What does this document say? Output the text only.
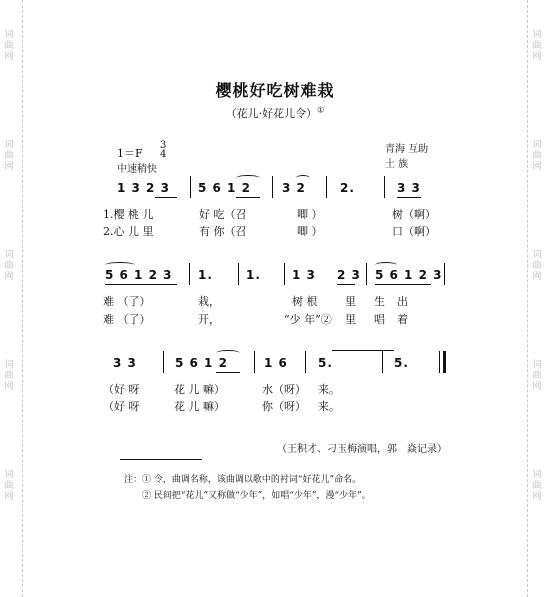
词
曲
网
词
曲
网
词
曲
网
词
曲
网
词
曲
网
词
曲
网
词
曲
网
词
曲
网
词
曲
网
词
曲
网
樱桃好吃树难栽
（花儿·好花儿令）①
1＝F
3
4
中速稍快
青海 互助
土 族
1 3 2 3 5 6 1 2	3 2	2.	3 3
1.樱 桃 儿	好 吃（召	唧 ）	树（啊）
2.心 儿 里	有 你（召	唧 ）	口（啊）
5 6 1 2 3 1.	1.	1 3 2 3 5 6 1 2 3
难 （了）	栽，	树 根	里 生 出
难 （了）	开，	“少 年”② 里 唱 着
3 3	5 6 1 2	1 6	5.	5.
（好 呀	花 儿 嘛）	水（呀） 来。
（好 呀	花 儿 嘛）	你（呀） 来。
（王积才、刁玉梅演唱，郭　焱记录）
注：① 令，曲调名称，该曲调以歌中的衬词“好花儿”命名。
② 民间把“花儿”又称做“少年”，如唱“少年”，漫“少年”。
